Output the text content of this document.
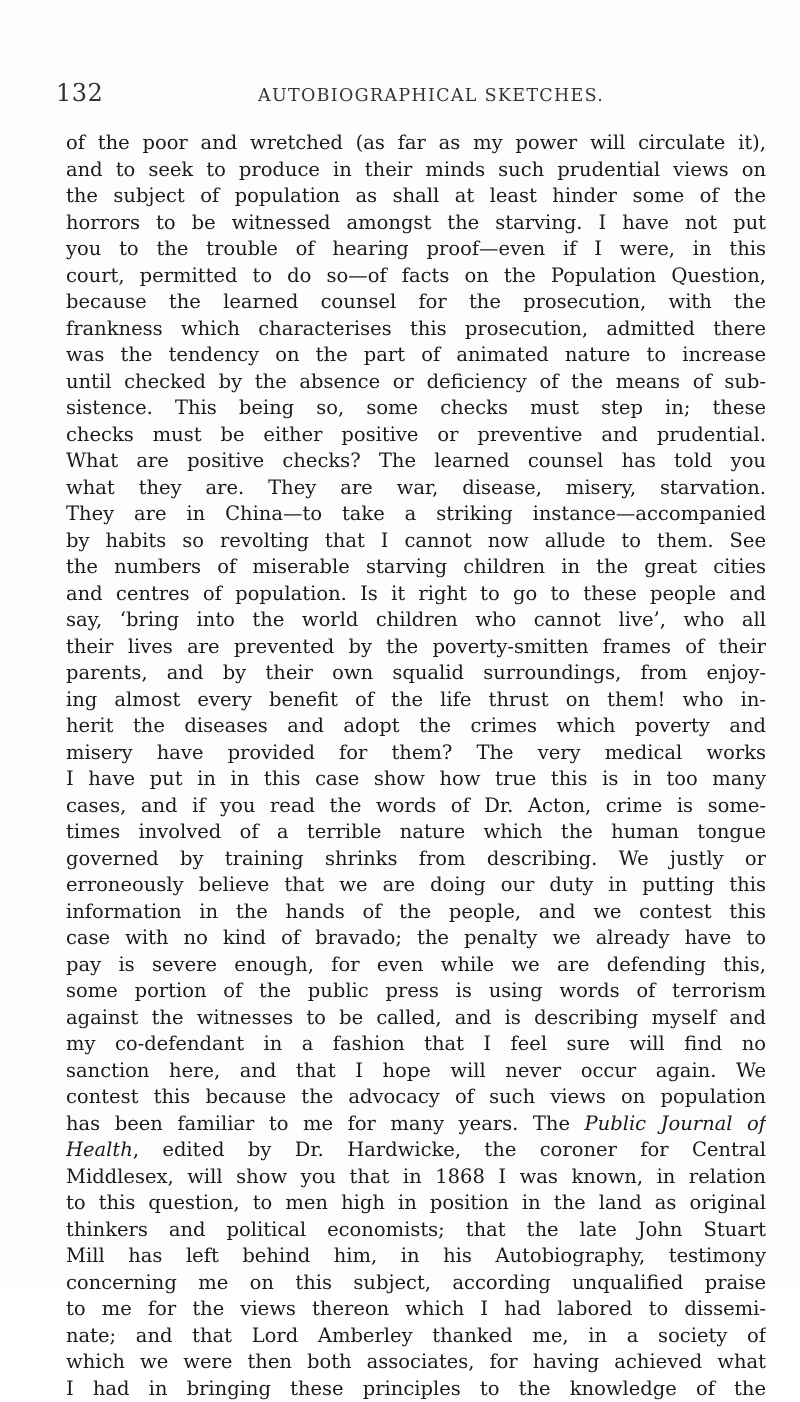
132	AUTOBIOGRAPHICAL SKETCHES.
of the poor and wretched (as far as my power will circulate it),
and to seek to produce in their minds such prudential views on
the subject of population as shall at least hinder some of the
horrors to be witnessed amongst the starving. I have not put
you to the trouble of hearing proof—even if I were, in this
court, permitted to do so—of facts on the Population Question,
because the learned counsel for the prosecution, with the
frankness which characterises this prosecution, admitted there
was the tendency on the part of animated nature to increase
until checked by the absence or deficiency of the means of sub-
sistence. This being so, some checks must step in; these
checks must be either positive or preventive and prudential.
What are positive checks? The learned counsel has told you
what they are. They are war, disease, misery, starvation.
They are in China—to take a striking instance—accompanied
by habits so revolting that I cannot now allude to them. See
the numbers of miserable starving children in the great cities
and centres of population. Is it right to go to these people and
say, ‘bring into the world children who cannot live’, who all
their lives are prevented by the poverty-smitten frames of their
parents, and by their own squalid surroundings, from enjoy-
ing almost every benefit of the life thrust on them! who in-
herit the diseases and adopt the crimes which poverty and
misery have provided for them? The very medical works
I have put in in this case show how true this is in too many
cases, and if you read the words of Dr. Acton, crime is some-
times involved of a terrible nature which the human tongue
governed by training shrinks from describing. We justly or
erroneously believe that we are doing our duty in putting this
information in the hands of the people, and we contest this
case with no kind of bravado; the penalty we already have to
pay is severe enough, for even while we are defending this,
some portion of the public press is using words of terrorism
against the witnesses to be called, and is describing myself and
my co-defendant in a fashion that I feel sure will find no
sanction here, and that I hope will never occur again. We
contest this because the advocacy of such views on population
has been familiar to me for many years. The Public Journal of
Health, edited by Dr. Hardwicke, the coroner for Central
Middlesex, will show you that in 1868 I was known, in relation
to this question, to men high in position in the land as original
thinkers and political economists; that the late John Stuart
Mill has left behind him, in his Autobiography, testimony
concerning me on this subject, according unqualified praise
to me for the views thereon which I had labored to dissemi-
nate; and that Lord Amberley thanked me, in a society of
which we were then both associates, for having achieved what
I had in bringing these principles to the knowledge of the
